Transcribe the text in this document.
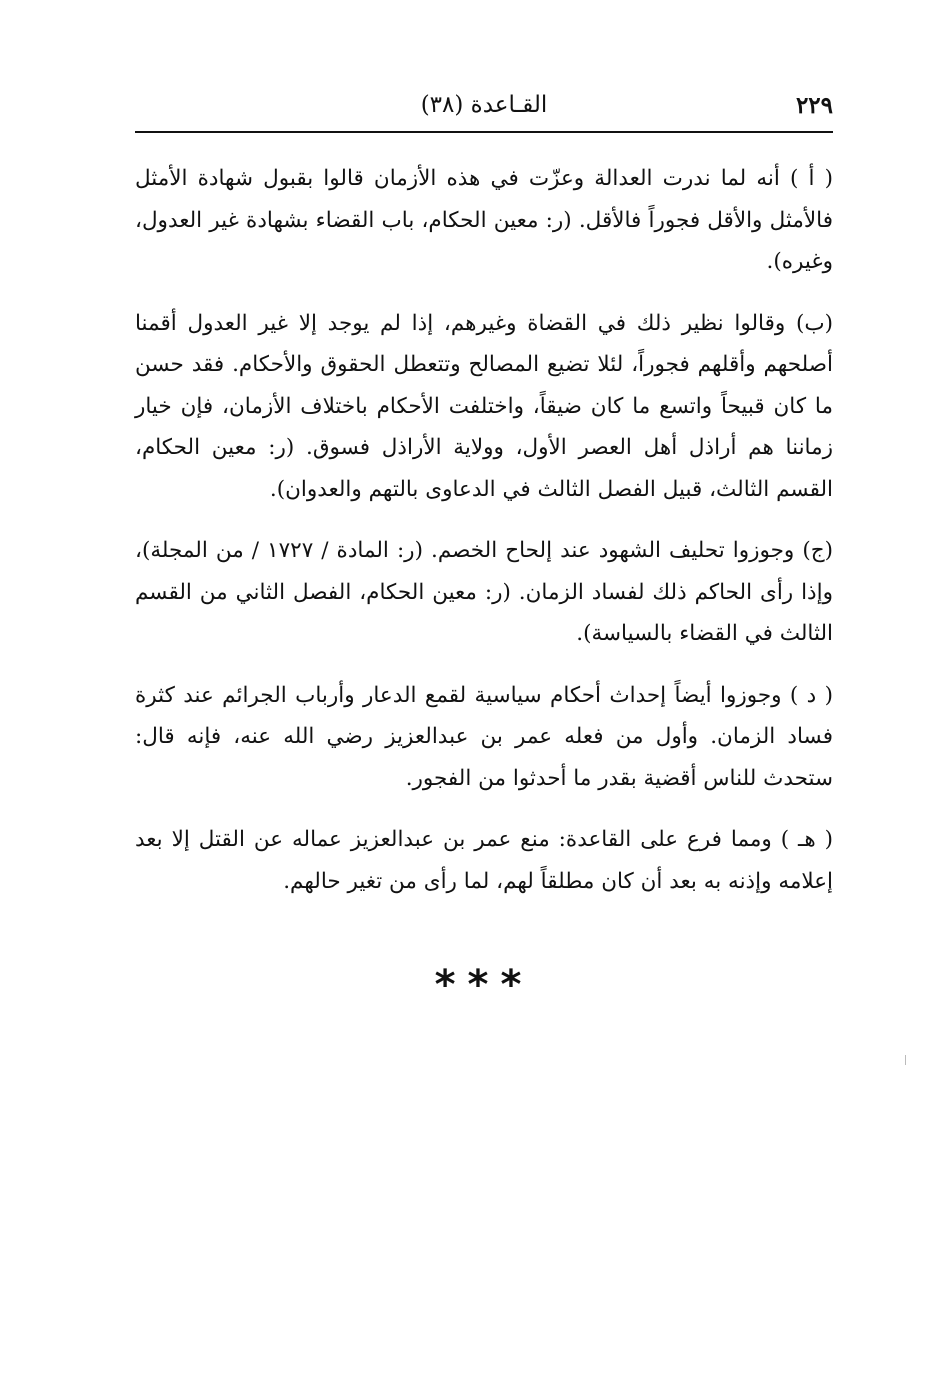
٢٢٩
القـاعدة (٣٨)

( أ ) أنه لما ندرت العدالة وعزّت في هذه الأزمان قالوا بقبول شهادة الأمثل فالأمثل والأقل فجوراً فالأقل. (ر: معين الحكام، باب القضاء بشهادة غير العدول، وغيره).

(ب) وقالوا نظير ذلك في القضاة وغيرهم، إذا لم يوجد إلا غير العدول أقمنا أصلحهم وأقلهم فجوراً، لئلا تضيع المصالح وتتعطل الحقوق والأحكام. فقد حسن ما كان قبيحاً واتسع ما كان ضيقاً، واختلفت الأحكام باختلاف الأزمان، فإن خيار زماننا هم أراذل أهل العصر الأول، وولاية الأراذل فسوق. (ر: معين الحكام، القسم الثالث، قبيل الفصل الثالث في الدعاوى بالتهم والعدوان).

(ج) وجوزوا تحليف الشهود عند إلحاح الخصم. (ر: المادة / ١٧٢٧ / من المجلة)، وإذا رأى الحاكم ذلك لفساد الزمان. (ر: معين الحكام، الفصل الثاني من القسم الثالث في القضاء بالسياسة).

( د ) وجوزوا أيضاً إحداث أحكام سياسية لقمع الدعار وأرباب الجرائم عند كثرة فساد الزمان. وأول من فعله عمر بن عبدالعزيز رضي الله عنه، فإنه قال: ستحدث للناس أقضية بقدر ما أحدثوا من الفجور.

( هـ ) ومما فرع على القاعدة: منع عمر بن عبدالعزيز عماله عن القتل إلا بعد إعلامه وإذنه به بعد أن كان مطلقاً لهم، لما رأى من تغير حالهم.

***
